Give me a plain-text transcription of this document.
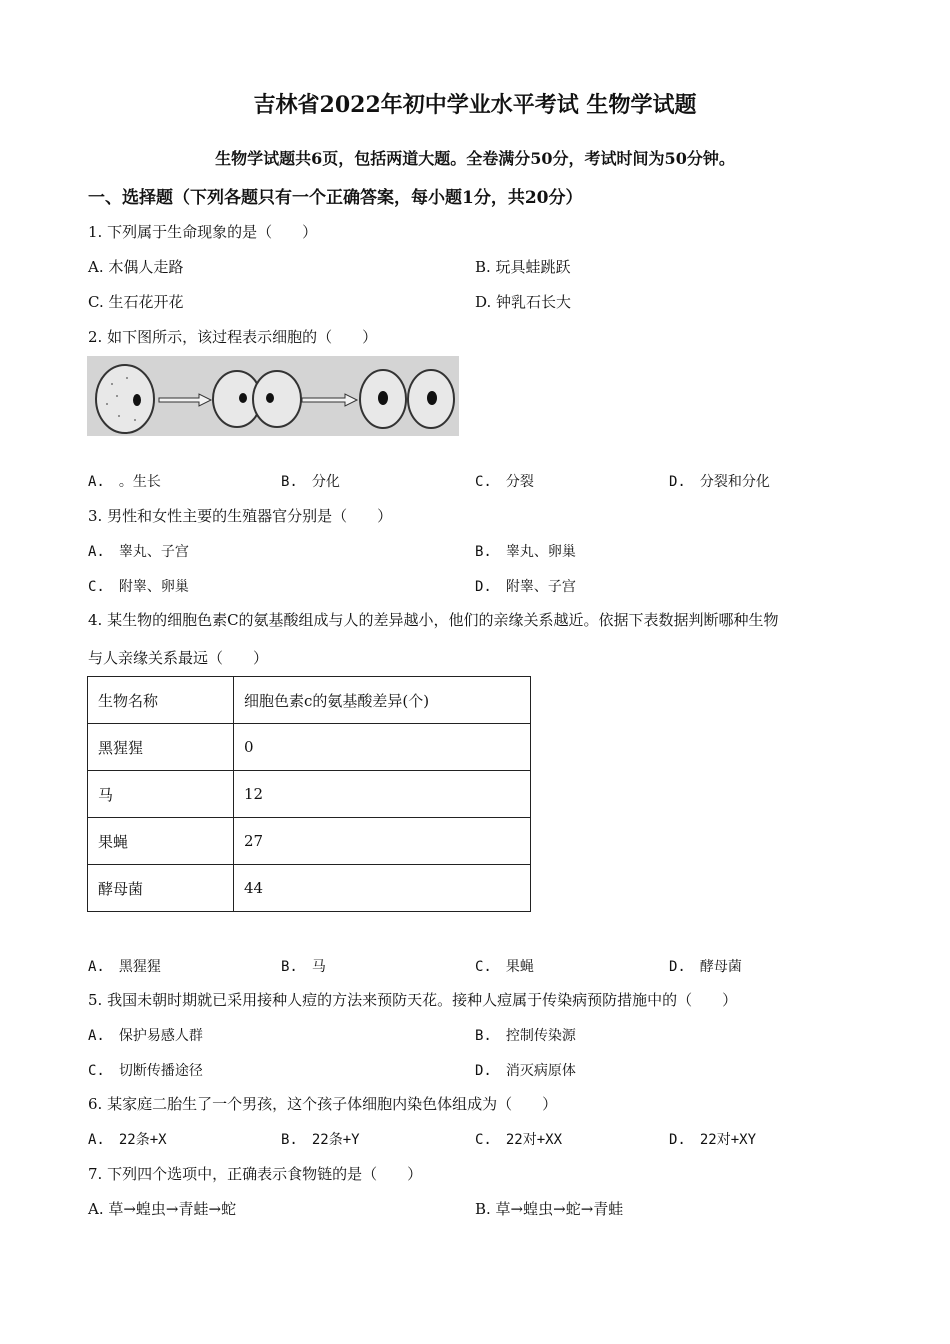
吉林省2022年初中学业水平考试 生物学试题
生物学试题共6页，包括两道大题。全卷满分50分，考试时间为50分钟。
一、选择题（下列各题只有一个正确答案，每小题1分，共20分）
1. 下列属于生命现象的是（　　）
A. 木偶人走路	B. 玩具蛙跳跃
C. 生石花开花	D. 钟乳石长大
2. 如下图所示，该过程表示细胞的（　　）
A.　。生长	B.　分化	C.　分裂	D.　分裂和分化
3. 男性和女性主要的生殖器官分别是（　　）
A.　睾丸、子宫	B.　睾丸、卵巢
C.　附睾、卵巢	D.　附睾、子宫
4. 某生物的细胞色素C的氨基酸组成与人的差异越小，他们的亲缘关系越近。依据下表数据判断哪种生物
与人亲缘关系最远（　　）
生物名称	细胞色素c的氨基酸差异(个)
黑猩猩	0
马	12
果蝇	27
酵母菌	44
A.　黑猩猩	B.　马	C.　果蝇	D.　酵母菌
5. 我国未朝时期就已采用接种人痘的方法来预防天花。接种人痘属于传染病预防措施中的（　　）
A.　保护易感人群	B.　控制传染源
C.　切断传播途径	D.　消灭病原体
6. 某家庭二胎生了一个男孩，这个孩子体细胞内染色体组成为（　　）
A.　22条+X	B.　22条+Y	C.　22对+XX	D.　22对+XY
7. 下列四个选项中，正确表示食物链的是（　　）
A. 草→蝗虫→青蛙→蛇	B. 草→蝗虫→蛇→青蛙
